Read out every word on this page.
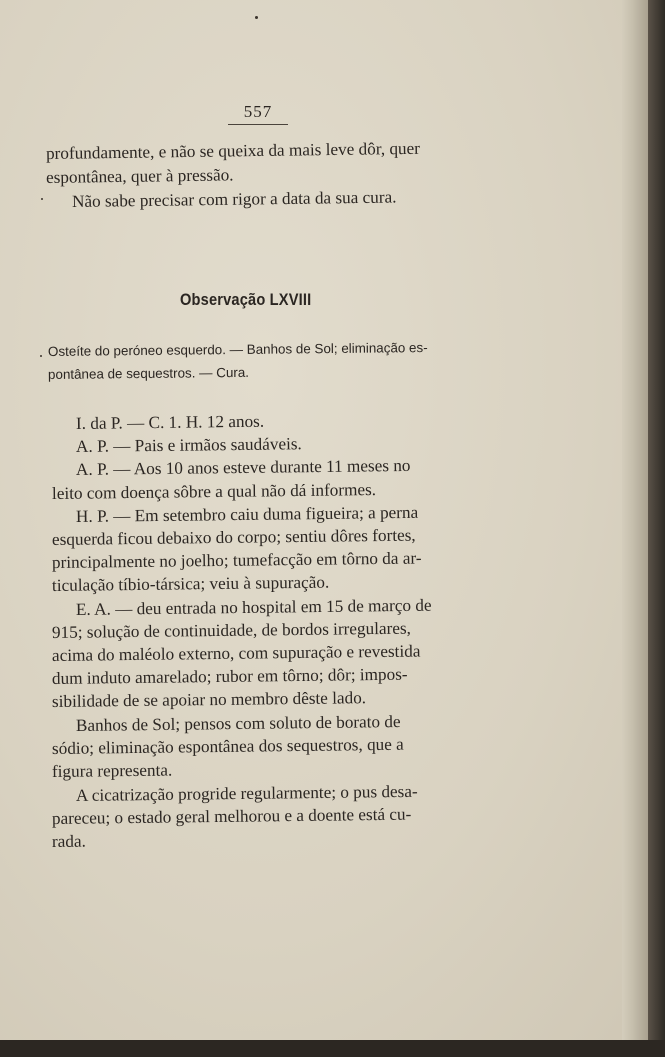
557
profundamente, e não se queixa da mais leve dôr, quer
espontânea, quer à pressão.
Não sabe precisar com rigor a data da sua cura.
Observação LXVIII
Osteíte do peróneo esquerdo. — Banhos de Sol; eliminação es-
pontânea de sequestros. — Cura.
I. da P. — C. 1. H. 12 anos.
A. P. — Pais e irmãos saudáveis.
A. P. — Aos 10 anos esteve durante 11 meses no
leito com doença sôbre a qual não dá informes.
H. P. — Em setembro caiu duma figueira; a perna
esquerda ficou debaixo do corpo; sentiu dôres fortes,
principalmente no joelho; tumefacção em tôrno da ar-
ticulação tíbio-társica; veiu à supuração.
E. A. — deu entrada no hospital em 15 de março de
915; solução de continuidade, de bordos irregulares,
acima do maléolo externo, com supuração e revestida
dum induto amarelado; rubor em tôrno; dôr; impos-
sibilidade de se apoiar no membro dêste lado.
Banhos de Sol; pensos com soluto de borato de
sódio; eliminação espontânea dos sequestros, que a
figura representa.
A cicatrização progride regularmente; o pus desa-
pareceu; o estado geral melhorou e a doente está cu-
rada.
